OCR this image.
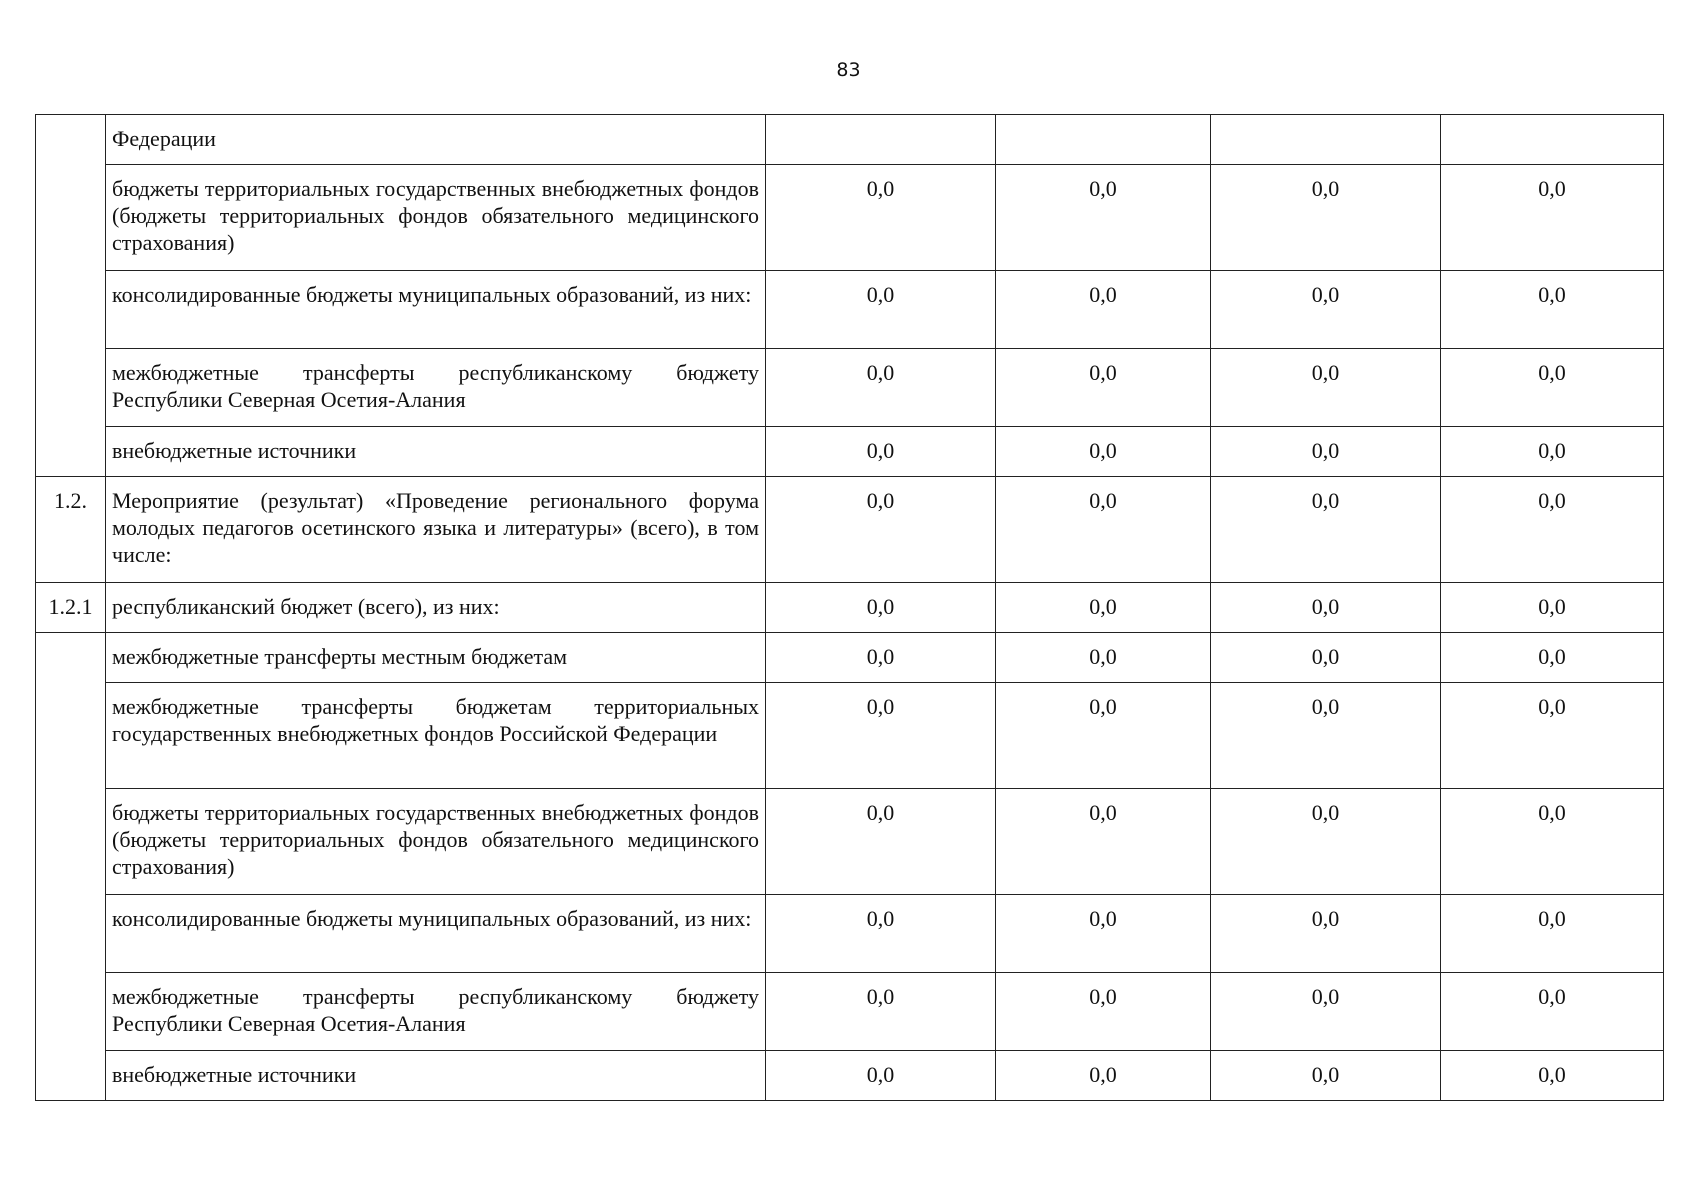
83
	Федерации				
	бюджеты территориальных государственных внебюджетных фондов (бюджеты территориальных фондов обязательного медицинского страхования)	0,0	0,0	0,0	0,0
	консолидированные бюджеты муниципальных образований, из них:	0,0	0,0	0,0	0,0
	межбюджетные трансферты республиканскому бюджету Республики Северная Осетия-Алания	0,0	0,0	0,0	0,0
	внебюджетные источники	0,0	0,0	0,0	0,0
1.2.	Мероприятие (результат) «Проведение регионального форума молодых педагогов осетинского языка и литературы» (всего), в том числе:	0,0	0,0	0,0	0,0
1.2.1	республиканский бюджет (всего), из них:	0,0	0,0	0,0	0,0
	межбюджетные трансферты местным бюджетам	0,0	0,0	0,0	0,0
	межбюджетные трансферты бюджетам территориальных государственных внебюджетных фондов Российской Федерации	0,0	0,0	0,0	0,0
	бюджеты территориальных государственных внебюджетных фондов (бюджеты территориальных фондов обязательного медицинского страхования)	0,0	0,0	0,0	0,0
	консолидированные бюджеты муниципальных образований, из них:	0,0	0,0	0,0	0,0
	межбюджетные трансферты республиканскому бюджету Республики Северная Осетия-Алания	0,0	0,0	0,0	0,0
	внебюджетные источники	0,0	0,0	0,0	0,0
